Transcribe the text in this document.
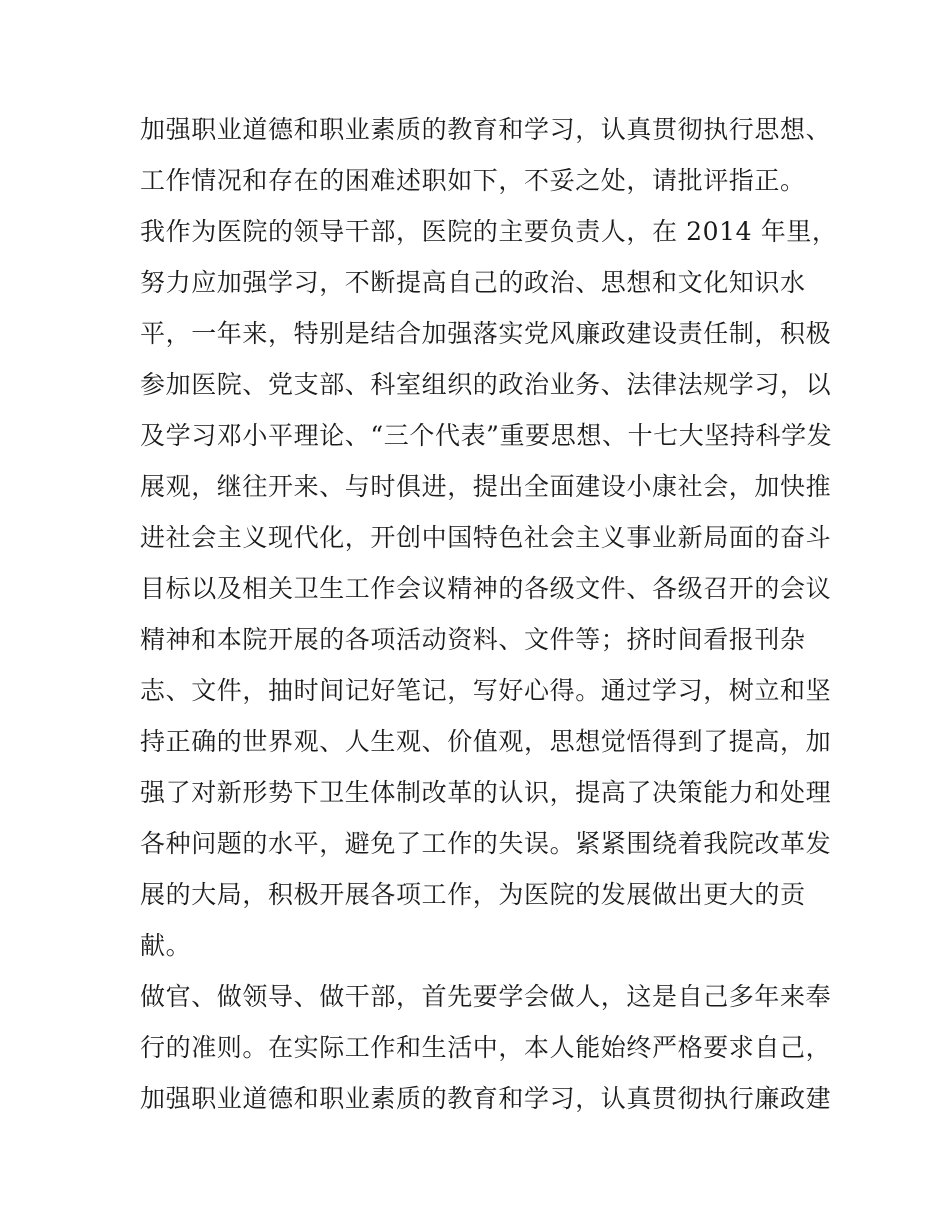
加强职业道德和职业素质的教育和学习，认真贯彻执行思想、
工作情况和存在的困难述职如下，不妥之处，请批评指正。
我作为医院的领导干部，医院的主要负责人，在 2014 年里，
努力应加强学习，不断提高自己的政治、思想和文化知识水
平，一年来，特别是结合加强落实党风廉政建设责任制，积极
参加医院、党支部、科室组织的政治业务、法律法规学习，以
及学习邓小平理论、“三个代表”重要思想、十七大坚持科学发
展观，继往开来、与时俱进，提出全面建设小康社会，加快推
进社会主义现代化，开创中国特色社会主义事业新局面的奋斗
目标以及相关卫生工作会议精神的各级文件、各级召开的会议
精神和本院开展的各项活动资料、文件等；挤时间看报刊杂
志、文件，抽时间记好笔记，写好心得。通过学习，树立和坚
持正确的世界观、人生观、价值观，思想觉悟得到了提高，加
强了对新形势下卫生体制改革的认识，提高了决策能力和处理
各种问题的水平，避免了工作的失误。紧紧围绕着我院改革发
展的大局，积极开展各项工作，为医院的发展做出更大的贡
献。
做官、做领导、做干部，首先要学会做人，这是自己多年来奉
行的准则。在实际工作和生活中，本人能始终严格要求自己，
加强职业道德和职业素质的教育和学习，认真贯彻执行廉政建
